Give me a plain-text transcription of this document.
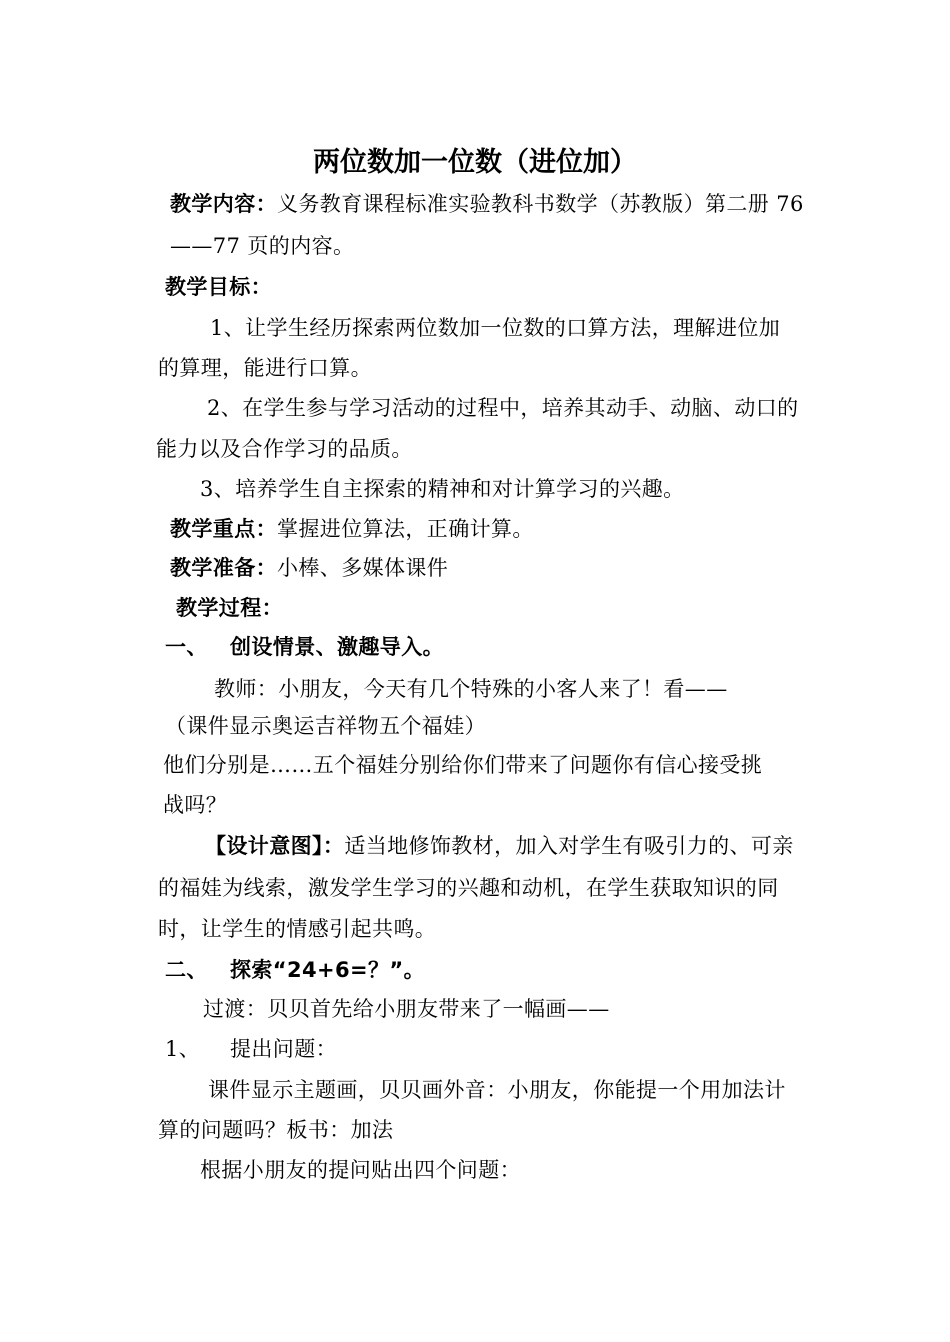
两位数加一位数（进位加）
教学内容：义务教育课程标准实验教科书数学（苏教版）第二册 76
——77 页的内容。
教学目标：
1、让学生经历探索两位数加一位数的口算方法，理解进位加
的算理，能进行口算。
2、在学生参与学习活动的过程中，培养其动手、动脑、动口的
能力以及合作学习的品质。
3、培养学生自主探索的精神和对计算学习的兴趣。
教学重点：掌握进位算法，正确计算。
教学准备：小棒、多媒体课件
教学过程：
一、 创设情景、激趣导入。
教师：小朋友，今天有几个特殊的小客人来了！看——
（课件显示奥运吉祥物五个福娃）
他们分别是……五个福娃分别给你们带来了问题你有信心接受挑
战吗？
【设计意图】：适当地修饰教材，加入对学生有吸引力的、可亲
的福娃为线索，激发学生学习的兴趣和动机，在学生获取知识的同
时，让学生的情感引起共鸣。
二、 探索“24+6=？”。
过渡：贝贝首先给小朋友带来了一幅画——
1、 提出问题：
课件显示主题画，贝贝画外音：小朋友，你能提一个用加法计
算的问题吗？板书：加法
根据小朋友的提问贴出四个问题：
